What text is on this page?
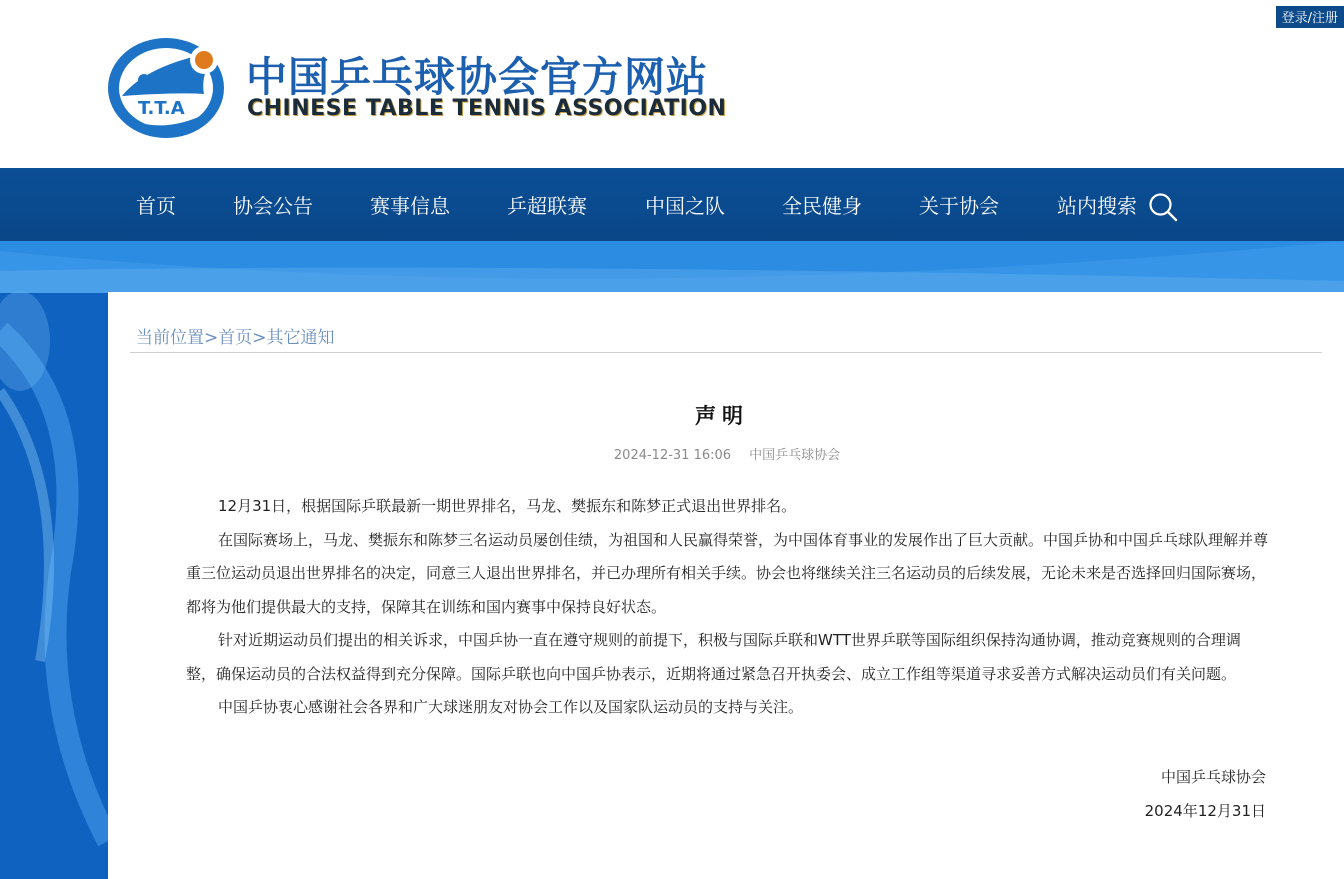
登录/注册
T.T.A
中国乒乓球协会官方网站
CHINESE TABLE TENNIS ASSOCIATION
首页	协会公告	赛事信息	乒超联赛	中国之队	全民健身	关于协会	站内搜索
当前位置>首页>其它通知
声明
2024-12-31 16:06 中国乒乓球协会

12月31日，根据国际乒联最新一期世界排名，马龙、樊振东和陈梦正式退出世界排名。

在国际赛场上，马龙、樊振东和陈梦三名运动员屡创佳绩，为祖国和人民赢得荣誉，为中国体育事业的发展作出了巨大贡献。中国乒协和中国乒乓球队理解并尊重三位运动员退出世界排名的决定，同意三人退出世界排名，并已办理所有相关手续。协会也将继续关注三名运动员的后续发展，无论未来是否选择回归国际赛场，都将为他们提供最大的支持，保障其在训练和国内赛事中保持良好状态。

针对近期运动员们提出的相关诉求，中国乒协一直在遵守规则的前提下，积极与国际乒联和WTT世界乒联等国际组织保持沟通协调，推动竞赛规则的合理调整，确保运动员的合法权益得到充分保障。国际乒联也向中国乒协表示，近期将通过紧急召开执委会、成立工作组等渠道寻求妥善方式解决运动员们有关问题。

中国乒协衷心感谢社会各界和广大球迷朋友对协会工作以及国家队运动员的支持与关注。

中国乒乓球协会
2024年12月31日
